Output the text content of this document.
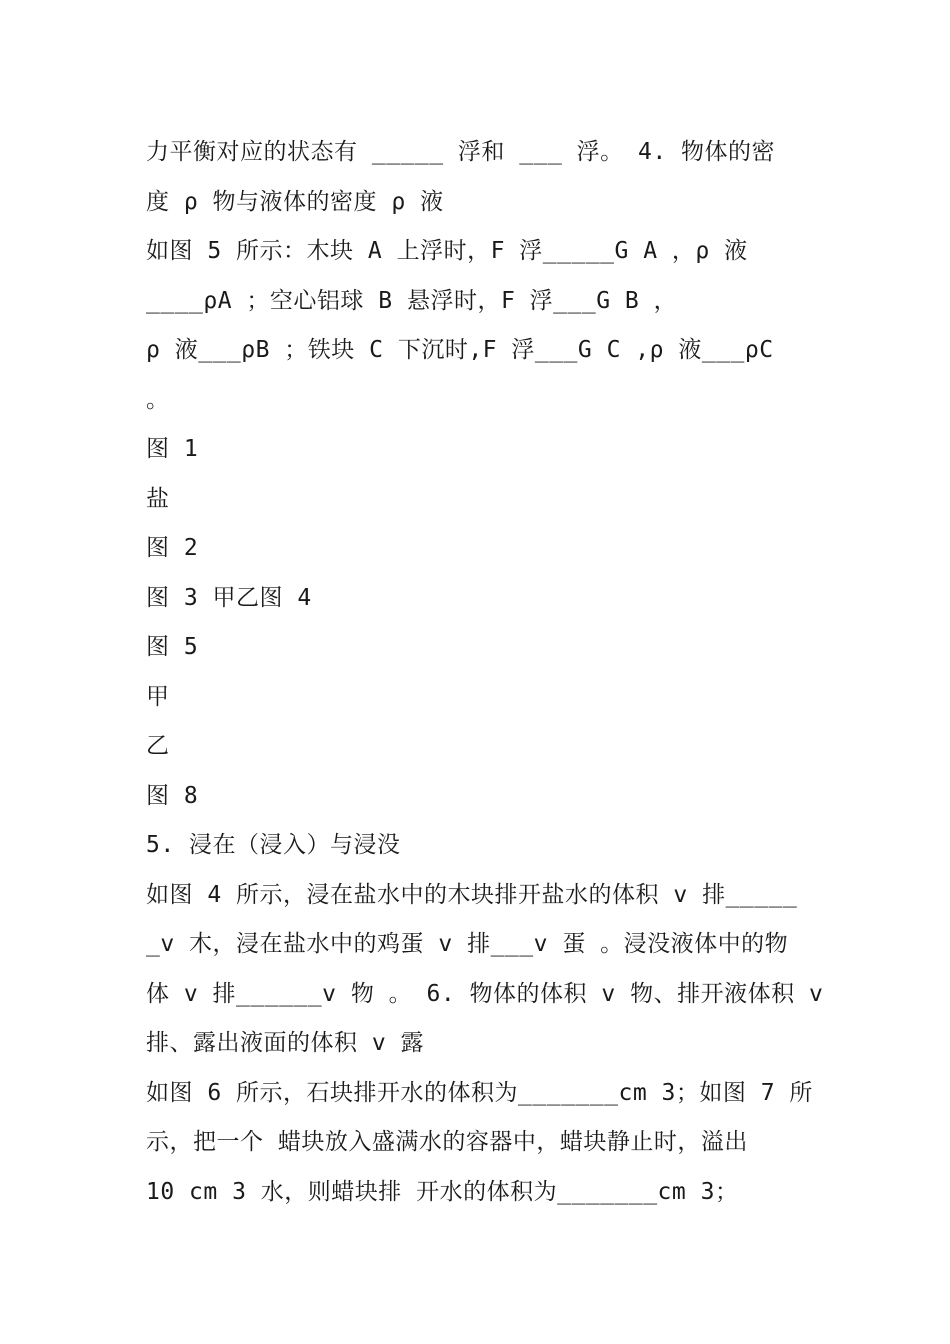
力平衡对应的状态有 _____ 浮和 ___ 浮。 4. 物体的密
度 ρ 物与液体的密度 ρ 液
如图 5 所示：木块 A 上浮时，F 浮_____G A ，ρ 液
____ρA ；空心铝球 B 悬浮时，F 浮___G B ，
ρ 液___ρB ；铁块 C 下沉时,F 浮___G C ,ρ 液___ρC
。
图 1
盐
图 2
图 3 甲乙图 4
图 5
甲
乙
图 8
5. 浸在（浸入）与浸没
如图 4 所示，浸在盐水中的木块排开盐水的体积 v 排_____
_v 木，浸在盐水中的鸡蛋 v 排___v 蛋 。浸没液体中的物
体 v 排______v 物 。 6. 物体的体积 v 物、排开液体积 v
排、露出液面的体积 v 露
如图 6 所示，石块排开水的体积为_______cm 3；如图 7 所
示，把一个 蜡块放入盛满水的容器中，蜡块静止时，溢出
10 cm 3 水，则蜡块排 开水的体积为_______cm 3；
